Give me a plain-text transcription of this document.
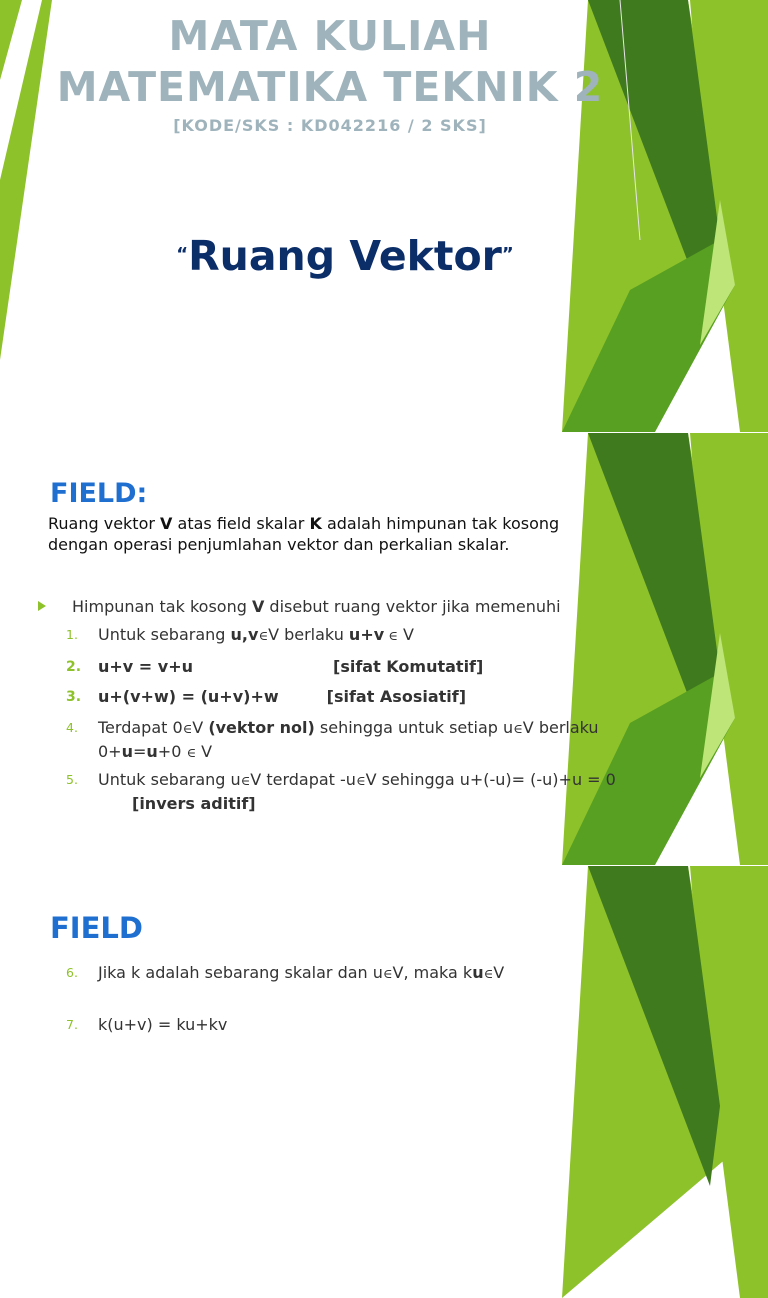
MATA KULIAH
MATEMATIKA TEKNIK 2
[KODE/SKS : KD042216 / 2 SKS]
“Ruang Vektor”
FIELD:
Ruang vektor V atas field skalar K adalah himpunan tak kosong dengan operasi penjumlahan vektor dan perkalian skalar.
Himpunan tak kosong V disebut ruang vektor jika memenuhi
1.	Untuk sebarang u,v∈V berlaku u+v ∈ V
2.	u+v = v+u	[sifat Komutatif]
3.	u+(v+w) = (u+v)+w	[sifat Asosiatif]
4.	Terdapat 0∈V (vektor nol) sehingga untuk setiap u∈V berlaku 0+u=u+0 ∈ V
5.	Untuk sebarang u∈V terdapat -u∈V sehingga u+(-u)= (-u)+u = 0[invers aditif]
FIELD
6.	Jika k adalah sebarang skalar dan u∈V, maka ku∈V
7.	k(u+v) = ku+kv
